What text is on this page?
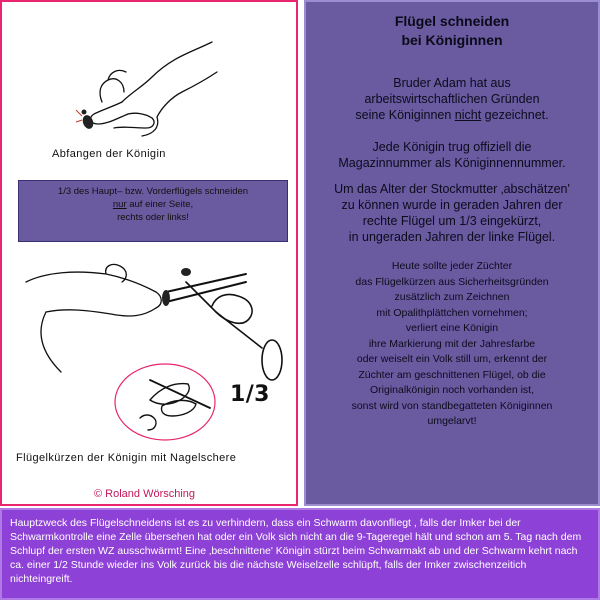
Abfangen der Königin
1/3 des Haupt– bzw. Vorderflügels schneiden
nur auf einer Seite,
rechts oder links!
1/3
Flügelkürzen der Königin mit Nagelschere
© Roland Wörsching
Flügel schneiden
bei Königinnen
Bruder Adam hat aus
arbeitswirtschaftlichen Gründen
seine Königinnen nicht gezeichnet.
Jede Königin trug offiziell die
Magazinnummer als Königinnennummer.
Um das Alter der Stockmutter ‚abschätzen'
zu können wurde in geraden Jahren der
rechte Flügel um 1/3 eingekürzt,
in ungeraden Jahren der linke Flügel.
Heute sollte jeder Züchter
das Flügelkürzen aus Sicherheitsgründen
zusätzlich zum Zeichnen
mit Opalithplättchen vornehmen;
verliert eine Königin
ihre Markierung mit der Jahresfarbe
oder weiselt ein Volk still um, erkennt der
Züchter am geschnittenen Flügel, ob die
Originalkönigin noch vorhanden ist,
sonst wird von standbegatteten Königinnen
umgelarvt!
Hauptzweck des Flügelschneidens ist es zu verhindern, dass ein Schwarm davonfliegt , falls der Imker bei der Schwarmkontrolle eine Zelle übersehen hat oder ein Volk sich nicht an die 9-Tageregel hält und schon am 5. Tag nach dem Schlupf der ersten WZ ausschwärmt! Eine ‚beschnittene' Königin stürzt beim Schwarmakt ab und der Schwarm kehrt nach ca. einer 1/2 Stunde wieder ins Volk zurück bis die nächste Weiselzelle schlüpft, falls der Imker zwischenzeitich nichteingreift.
